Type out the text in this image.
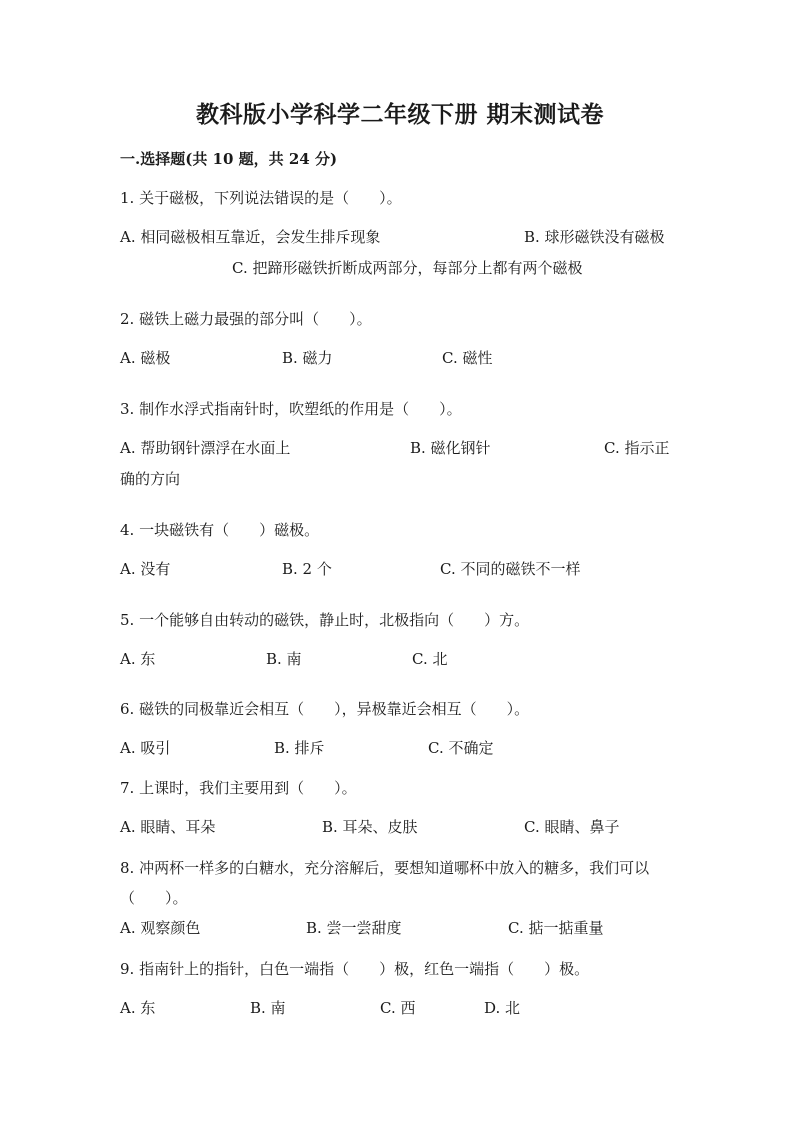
教科版小学科学二年级下册 期末测试卷
一.选择题(共 10 题，共 24 分)
1. 关于磁极，下列说法错误的是（　　）。
A. 相同磁极相互靠近，会发生排斥现象	B. 球形磁铁没有磁极
C. 把蹄形磁铁折断成两部分，每部分上都有两个磁极
2. 磁铁上磁力最强的部分叫（　　）。
A. 磁极	B. 磁力	C. 磁性
3. 制作水浮式指南针时，吹塑纸的作用是（　　）。
A. 帮助钢针漂浮在水面上	B. 磁化钢针	C. 指示正
确的方向
4. 一块磁铁有（　　）磁极。
A. 没有	B. 2 个	C. 不同的磁铁不一样
5. 一个能够自由转动的磁铁，静止时，北极指向（　　）方。
A. 东	B. 南	C. 北
6. 磁铁的同极靠近会相互（　　），异极靠近会相互（　　）。
A. 吸引	B. 排斥	C. 不确定
7. 上课时，我们主要用到（　　）。
A. 眼睛、耳朵	B. 耳朵、皮肤	C. 眼睛、鼻子
8. 冲两杯一样多的白糖水，充分溶解后，要想知道哪杯中放入的糖多，我们可以（　　）。
A. 观察颜色	B. 尝一尝甜度	C. 掂一掂重量
9. 指南针上的指针，白色一端指（　　）极，红色一端指（　　）极。
A. 东	B. 南	C. 西	D. 北
